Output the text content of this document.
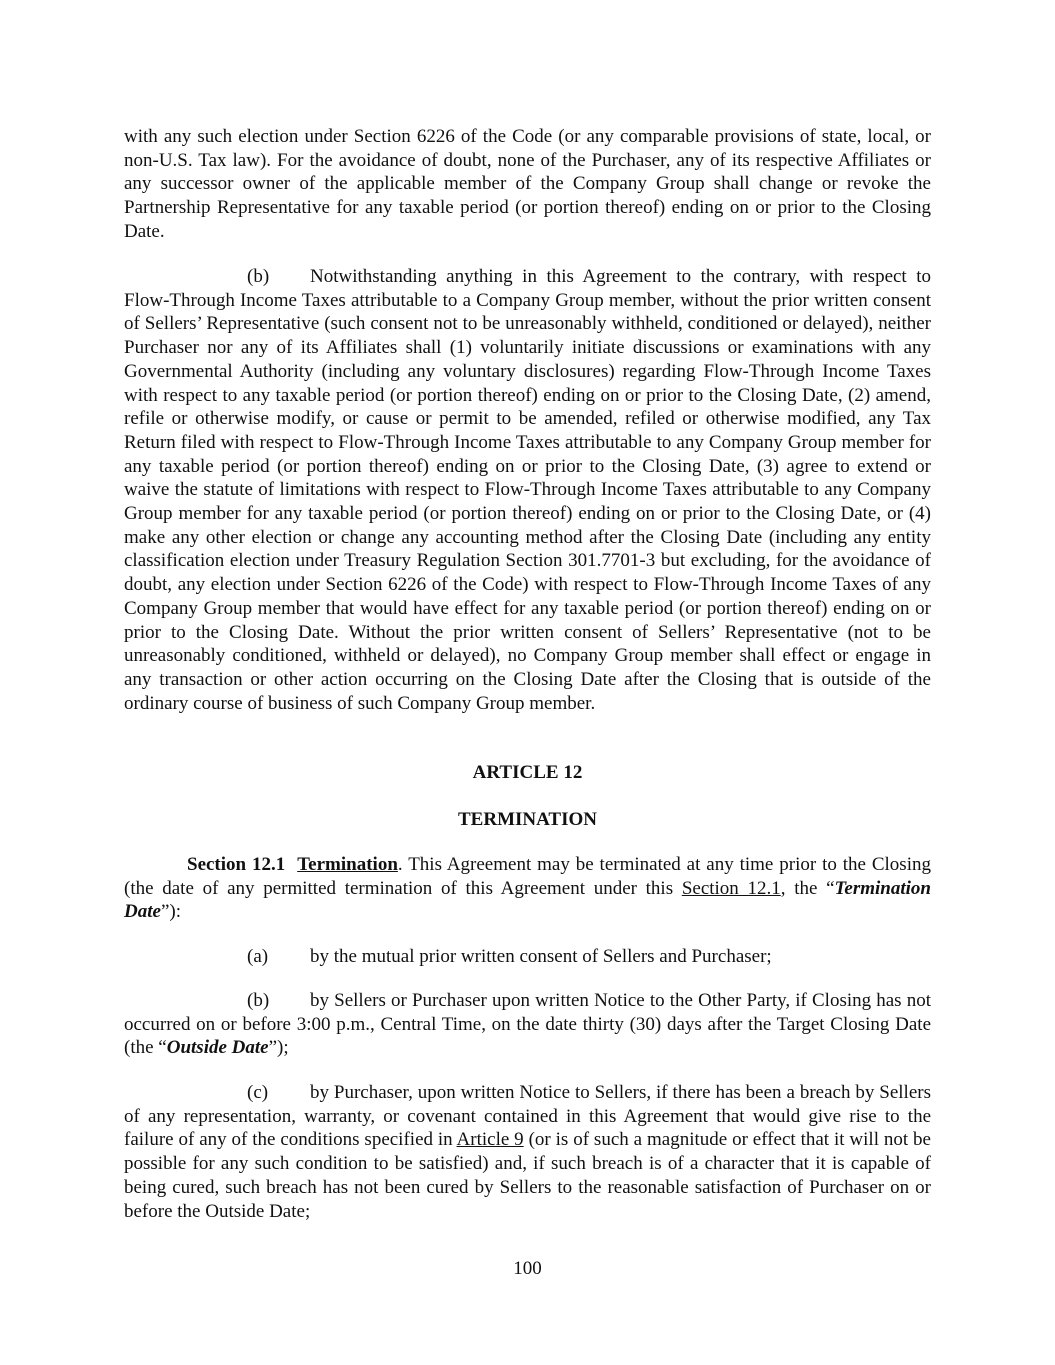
with any such election under Section 6226 of the Code (or any comparable provisions of state, local, or non-U.S. Tax law). For the avoidance of doubt, none of the Purchaser, any of its respective Affiliates or any successor owner of the applicable member of the Company Group shall change or revoke the Partnership Representative for any taxable period (or portion thereof) ending on or prior to the Closing Date.

(b) Notwithstanding anything in this Agreement to the contrary, with respect to Flow-Through Income Taxes attributable to a Company Group member, without the prior written consent of Sellers’ Representative (such consent not to be unreasonably withheld, conditioned or delayed), neither Purchaser nor any of its Affiliates shall (1) voluntarily initiate discussions or examinations with any Governmental Authority (including any voluntary disclosures) regarding Flow-Through Income Taxes with respect to any taxable period (or portion thereof) ending on or prior to the Closing Date, (2) amend, refile or otherwise modify, or cause or permit to be amended, refiled or otherwise modified, any Tax Return filed with respect to Flow-Through Income Taxes attributable to any Company Group member for any taxable period (or portion thereof) ending on or prior to the Closing Date, (3) agree to extend or waive the statute of limitations with respect to Flow-Through Income Taxes attributable to any Company Group member for any taxable period (or portion thereof) ending on or prior to the Closing Date, or (4) make any other election or change any accounting method after the Closing Date (including any entity classification election under Treasury Regulation Section 301.7701-3 but excluding, for the avoidance of doubt, any election under Section 6226 of the Code) with respect to Flow-Through Income Taxes of any Company Group member that would have effect for any taxable period (or portion thereof) ending on or prior to the Closing Date. Without the prior written consent of Sellers’ Representative (not to be unreasonably conditioned, withheld or delayed), no Company Group member shall effect or engage in any transaction or other action occurring on the Closing Date after the Closing that is outside of the ordinary course of business of such Company Group member.

ARTICLE 12

TERMINATION

Section 12.1 Termination. This Agreement may be terminated at any time prior to the Closing (the date of any permitted termination of this Agreement under this Section 12.1, the “Termination Date”):

(a) by the mutual prior written consent of Sellers and Purchaser;

(b) by Sellers or Purchaser upon written Notice to the Other Party, if Closing has not occurred on or before 3:00 p.m., Central Time, on the date thirty (30) days after the Target Closing Date (the “Outside Date”);

(c) by Purchaser, upon written Notice to Sellers, if there has been a breach by Sellers of any representation, warranty, or covenant contained in this Agreement that would give rise to the failure of any of the conditions specified in Article 9 (or is of such a magnitude or effect that it will not be possible for any such condition to be satisfied) and, if such breach is of a character that it is capable of being cured, such breach has not been cured by Sellers to the reasonable satisfaction of Purchaser on or before the Outside Date;

100
